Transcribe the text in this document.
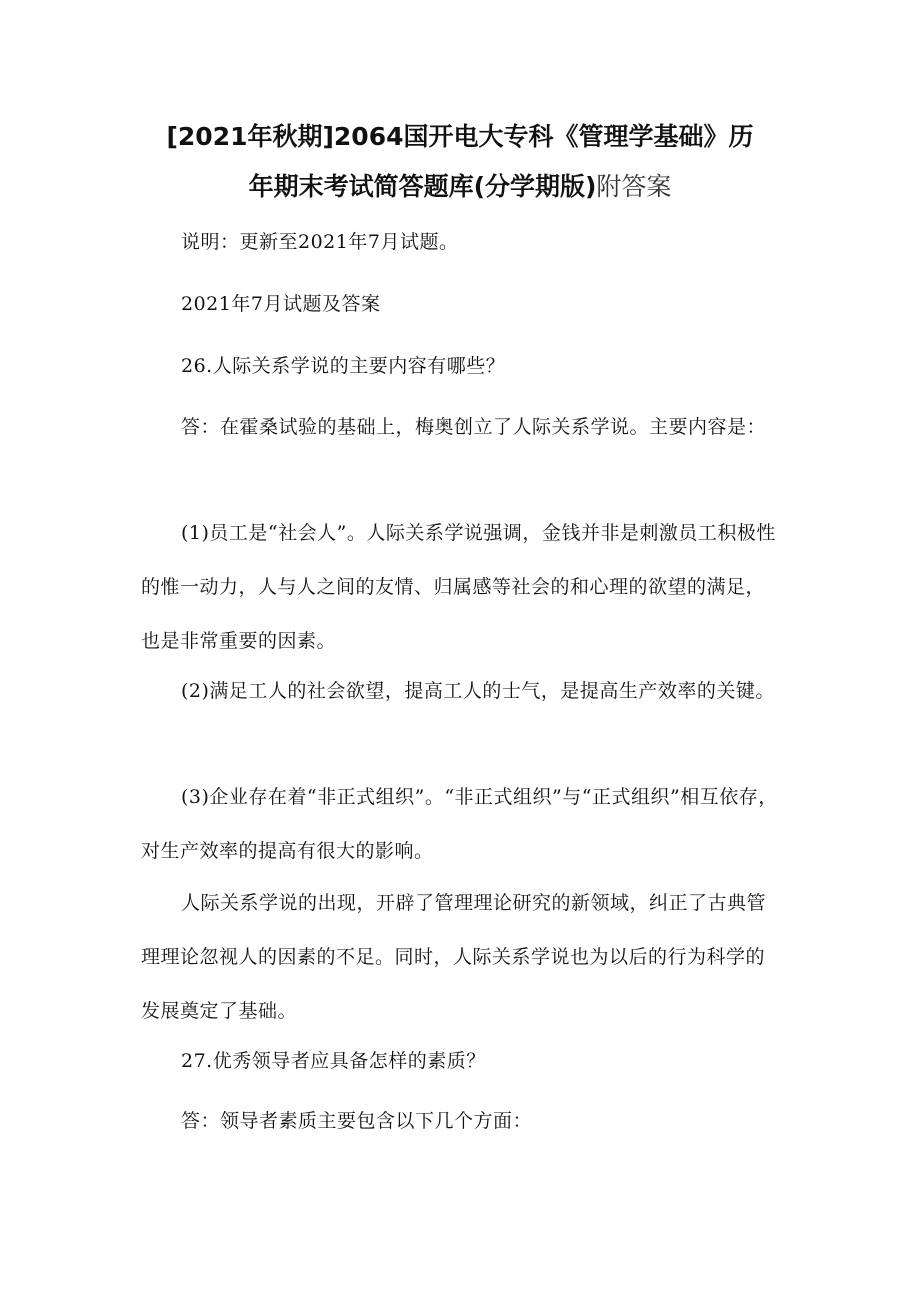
[2021年秋期]2064国开电大专科《管理学基础》历
年期末考试简答题库(分学期版)附答案

说明：更新至2021年7月试题。

2021年7月试题及答案

26.人际关系学说的主要内容有哪些？

答：在霍桑试验的基础上，梅奥创立了人际关系学说。主要内容是：

(1)员工是“社会人”。人际关系学说强调，金钱并非是刺激员工积极性的惟一动力，人与人之间的友情、归属感等社会的和心理的欲望的满足，也是非常重要的因素。

(2)满足工人的社会欲望，提高工人的士气，是提高生产效率的关键。

(3)企业存在着“非正式组织”。“非正式组织”与“正式组织”相互依存，对生产效率的提高有很大的影响。

人际关系学说的出现，开辟了管理理论研究的新领域，纠正了古典管理理论忽视人的因素的不足。同时，人际关系学说也为以后的行为科学的发展奠定了基础。

27.优秀领导者应具备怎样的素质？

答：领导者素质主要包含以下几个方面：
